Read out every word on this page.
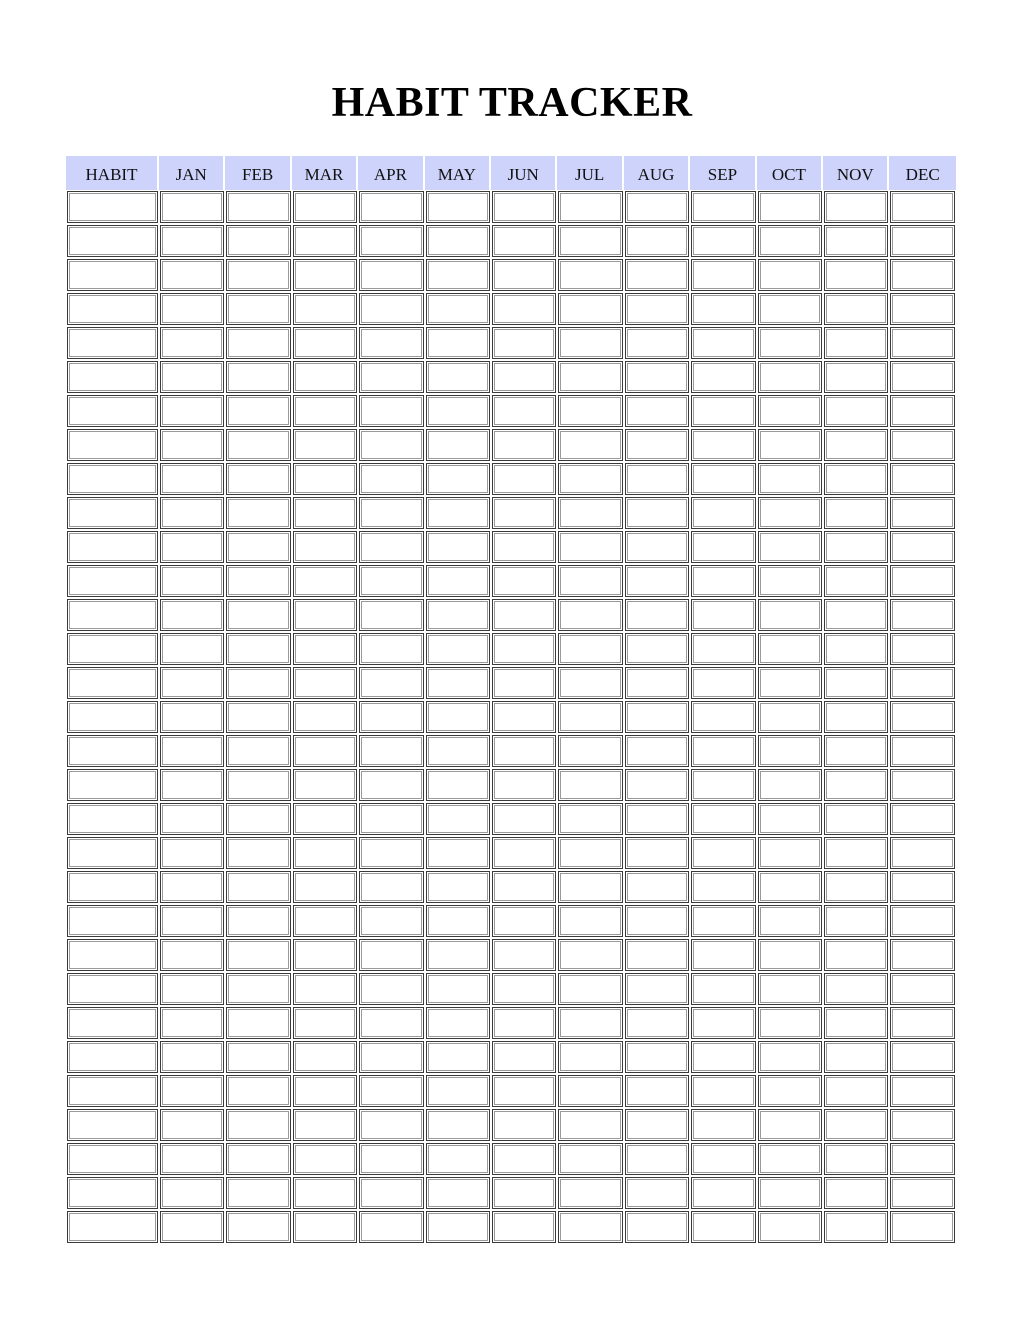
HABIT TRACKER
HABIT	JAN	FEB	MAR	APR	MAY	JUN	JUL	AUG	SEP	OCT	NOV	DEC
